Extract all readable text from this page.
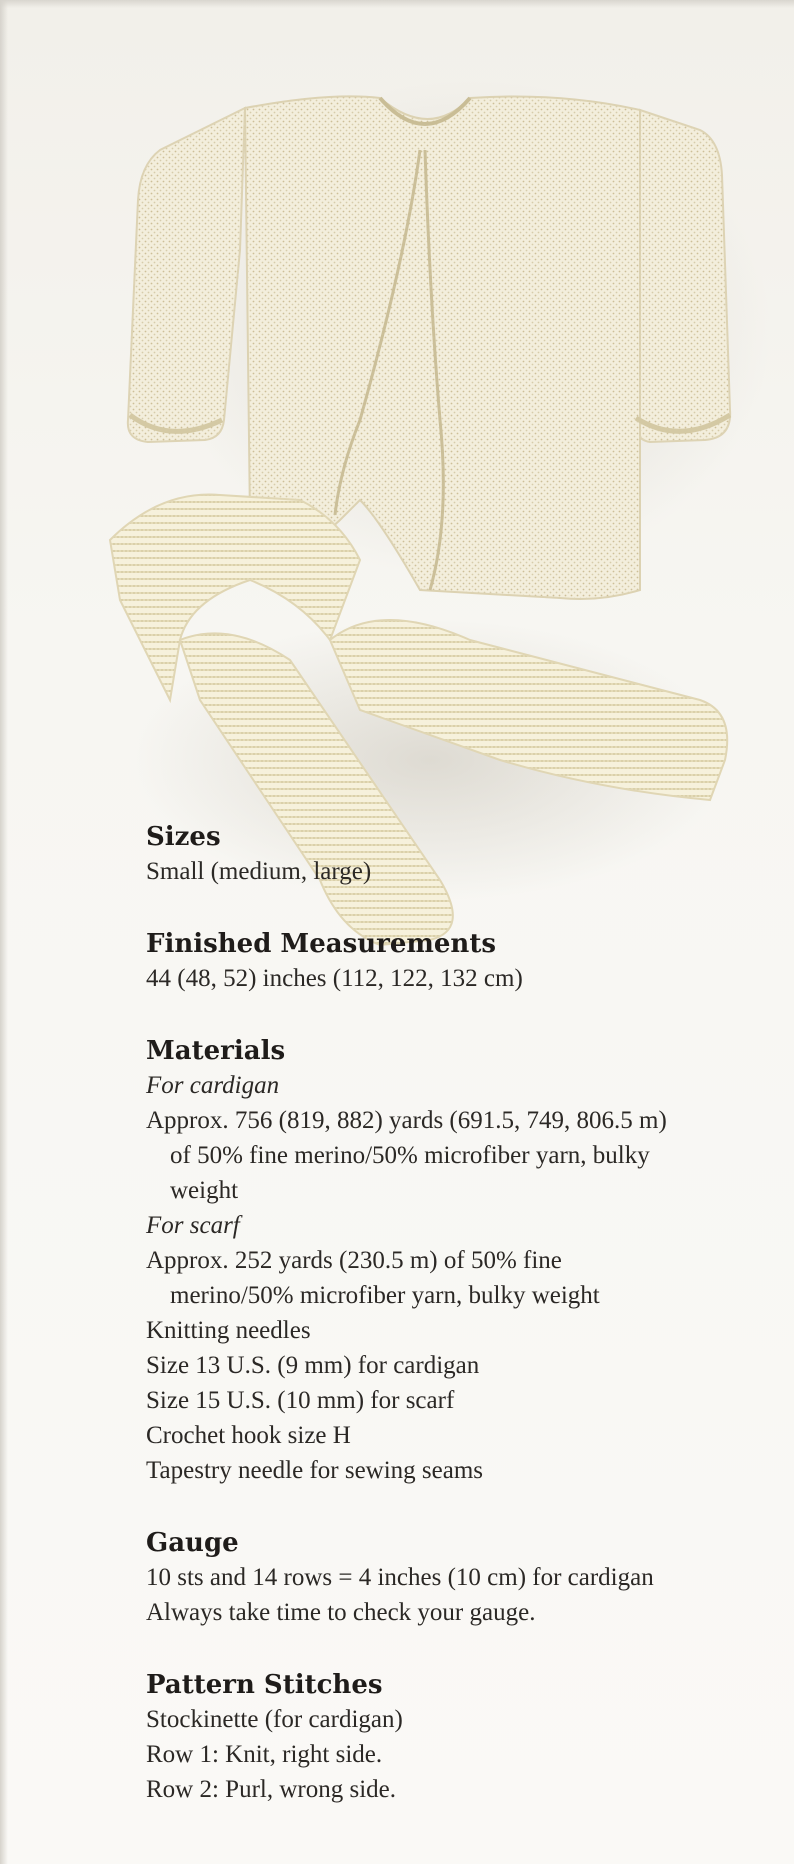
Sizes

Small (medium, large)

Finished Measurements

44 (48, 52) inches (112, 122, 132 cm)

Materials

For cardigan

Approx. 756 (819, 882) yards (691.5, 749, 806.5 m)

of 50% fine merino/50% microfiber yarn, bulky

weight

For scarf

Approx. 252 yards (230.5 m) of 50% fine

merino/50% microfiber yarn, bulky weight

Knitting needles

Size 13 U.S. (9 mm) for cardigan

Size 15 U.S. (10 mm) for scarf

Crochet hook size H

Tapestry needle for sewing seams

Gauge

10 sts and 14 rows = 4 inches (10 cm) for cardigan

Always take time to check your gauge.

Pattern Stitches

Stockinette (for cardigan)

Row 1: Knit, right side.

Row 2: Purl, wrong side.
